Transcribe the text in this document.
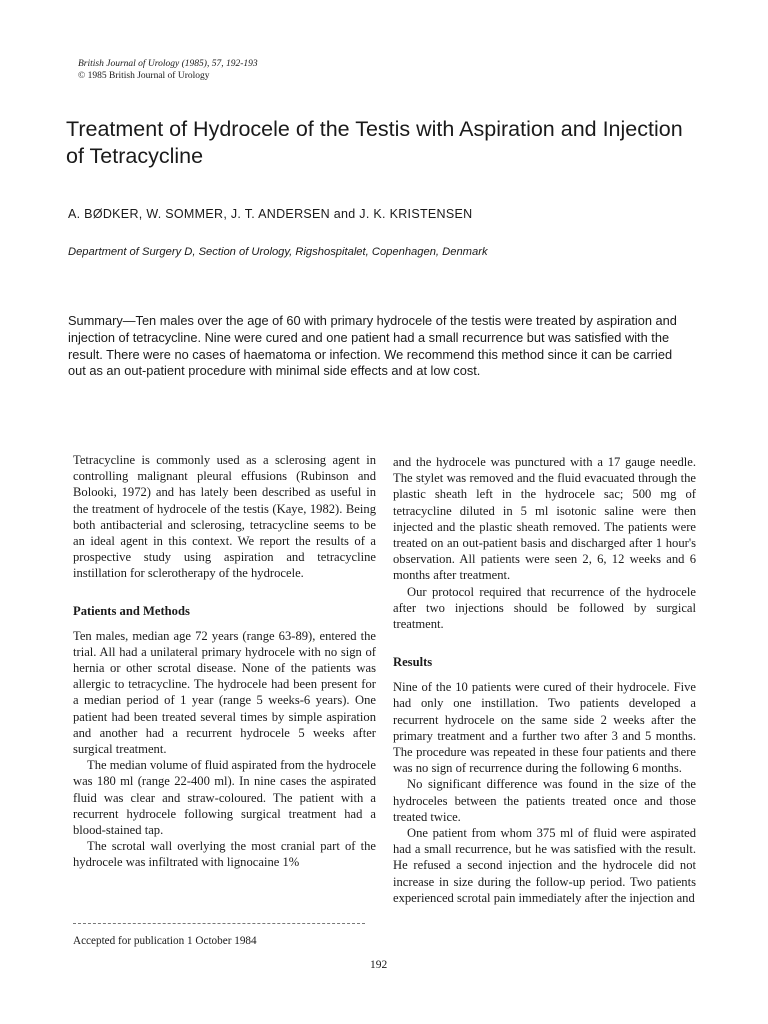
British Journal of Urology (1985), 57, 192-193
© 1985 British Journal of Urology
Treatment of Hydrocele of the Testis with Aspiration and Injection of Tetracycline
A. BØDKER, W. SOMMER, J. T. ANDERSEN and J. K. KRISTENSEN
Department of Surgery D, Section of Urology, Rigshospitalet, Copenhagen, Denmark

Summary—Ten males over the age of 60 with primary hydrocele of the testis were treated by aspiration and injection of tetracycline. Nine were cured and one patient had a small recurrence but was satisfied with the result. There were no cases of haematoma or infection. We recommend this method since it can be carried out as an out-patient procedure with minimal side effects and at low cost.

Tetracycline is commonly used as a sclerosing agent in controlling malignant pleural effusions (Rubinson and Bolooki, 1972) and has lately been described as useful in the treatment of hydrocele of the testis (Kaye, 1982). Being both antibacterial and sclerosing, tetracycline seems to be an ideal agent in this context. We report the results of a prospective study using aspiration and tetracycline instillation for sclerotherapy of the hydrocele.

Patients and Methods

Ten males, median age 72 years (range 63-89), entered the trial. All had a unilateral primary hydrocele with no sign of hernia or other scrotal disease. None of the patients was allergic to tetracycline. The hydrocele had been present for a median period of 1 year (range 5 weeks-6 years). One patient had been treated several times by simple aspiration and another had a recurrent hydrocele 5 weeks after surgical treatment.

The median volume of fluid aspirated from the hydrocele was 180 ml (range 22-400 ml). In nine cases the aspirated fluid was clear and straw-coloured. The patient with a recurrent hydrocele following surgical treatment had a blood-stained tap.

The scrotal wall overlying the most cranial part of the hydrocele was infiltrated with lignocaine 1%

and the hydrocele was punctured with a 17 gauge needle. The stylet was removed and the fluid evacuated through the plastic sheath left in the hydrocele sac; 500 mg of tetracycline diluted in 5 ml isotonic saline were then injected and the plastic sheath removed. The patients were treated on an out-patient basis and discharged after 1 hour's observation. All patients were seen 2, 6, 12 weeks and 6 months after treatment.

Our protocol required that recurrence of the hydrocele after two injections should be followed by surgical treatment.

Results

Nine of the 10 patients were cured of their hydrocele. Five had only one instillation. Two patients developed a recurrent hydrocele on the same side 2 weeks after the primary treatment and a further two after 3 and 5 months. The procedure was repeated in these four patients and there was no sign of recurrence during the following 6 months.

No significant difference was found in the size of the hydroceles between the patients treated once and those treated twice.

One patient from whom 375 ml of fluid were aspirated had a small recurrence, but he was satisfied with the result. He refused a second injection and the hydrocele did not increase in size during the follow-up period. Two patients experienced scrotal pain immediately after the injection and

Accepted for publication 1 October 1984
192
